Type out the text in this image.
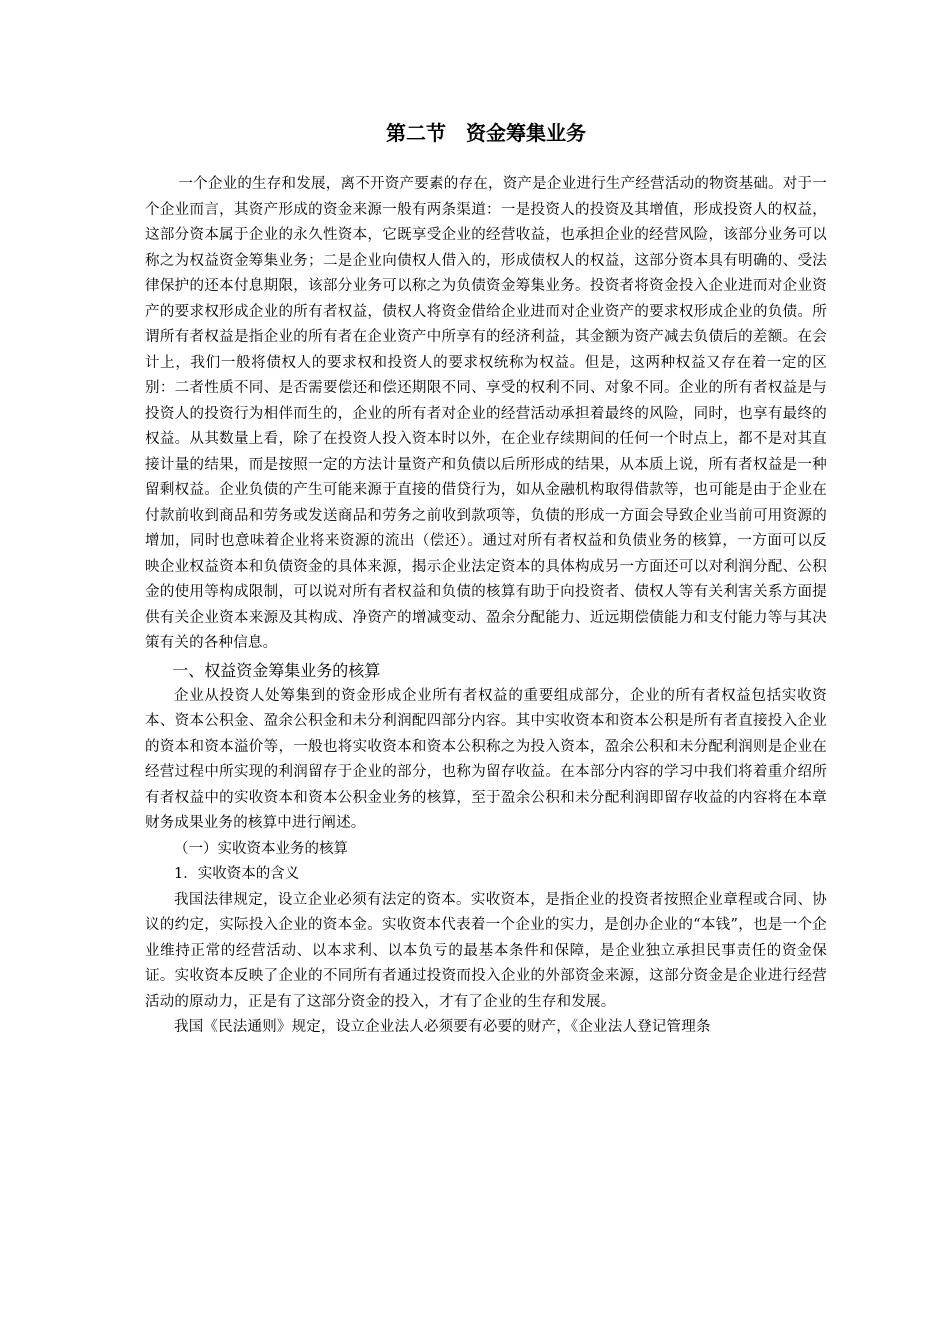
第二节　资金筹集业务

一个企业的生存和发展，离不开资产要素的存在，资产是企业进行生产经营活动的物资基础。对于一个企业而言，其资产形成的资金来源一般有两条渠道：一是投资人的投资及其增值，形成投资人的权益，这部分资本属于企业的永久性资本，它既享受企业的经营收益，也承担企业的经营风险，该部分业务可以称之为权益资金筹集业务；二是企业向债权人借入的，形成债权人的权益，这部分资本具有明确的、受法律保护的还本付息期限，该部分业务可以称之为负债资金筹集业务。投资者将资金投入企业进而对企业资产的要求权形成企业的所有者权益，债权人将资金借给企业进而对企业资产的要求权形成企业的负债。所谓所有者权益是指企业的所有者在企业资产中所享有的经济利益，其金额为资产减去负债后的差额。在会计上，我们一般将债权人的要求权和投资人的要求权统称为权益。但是，这两种权益又存在着一定的区别：二者性质不同、是否需要偿还和偿还期限不同、享受的权利不同、对象不同。企业的所有者权益是与投资人的投资行为相伴而生的，企业的所有者对企业的经营活动承担着最终的风险，同时，也享有最终的权益。从其数量上看，除了在投资人投入资本时以外，在企业存续期间的任何一个时点上，都不是对其直接计量的结果，而是按照一定的方法计量资产和负债以后所形成的结果，从本质上说，所有者权益是一种留剩权益。企业负债的产生可能来源于直接的借贷行为，如从金融机构取得借款等，也可能是由于企业在付款前收到商品和劳务或发送商品和劳务之前收到款项等，负债的形成一方面会导致企业当前可用资源的增加，同时也意味着企业将来资源的流出（偿还）。通过对所有者权益和负债业务的核算，一方面可以反映企业权益资本和负债资金的具体来源，揭示企业法定资本的具体构成另一方面还可以对利润分配、公积金的使用等构成限制，可以说对所有者权益和负债的核算有助于向投资者、债权人等有关利害关系方面提供有关企业资本来源及其构成、净资产的增减变动、盈余分配能力、近远期偿债能力和支付能力等与其决策有关的各种信息。

一、权益资金筹集业务的核算

企业从投资人处筹集到的资金形成企业所有者权益的重要组成部分，企业的所有者权益包括实收资本、资本公积金、盈余公积金和未分利润配四部分内容。其中实收资本和资本公积是所有者直接投入企业的资本和资本溢价等，一般也将实收资本和资本公积称之为投入资本，盈余公积和未分配利润则是企业在经营过程中所实现的利润留存于企业的部分，也称为留存收益。在本部分内容的学习中我们将着重介绍所有者权益中的实收资本和资本公积金业务的核算，至于盈余公积和未分配利润即留存收益的内容将在本章财务成果业务的核算中进行阐述。

（一）实收资本业务的核算

1．实收资本的含义

我国法律规定，设立企业必须有法定的资本。实收资本，是指企业的投资者按照企业章程或合同、协议的约定，实际投入企业的资本金。实收资本代表着一个企业的实力，是创办企业的“本钱”，也是一个企业维持正常的经营活动、以本求利、以本负亏的最基本条件和保障，是企业独立承担民事责任的资金保证。实收资本反映了企业的不同所有者通过投资而投入企业的外部资金来源，这部分资金是企业进行经营活动的原动力，正是有了这部分资金的投入，才有了企业的生存和发展。

我国《民法通则》规定，设立企业法人必须要有必要的财产，《企业法人登记管理条
